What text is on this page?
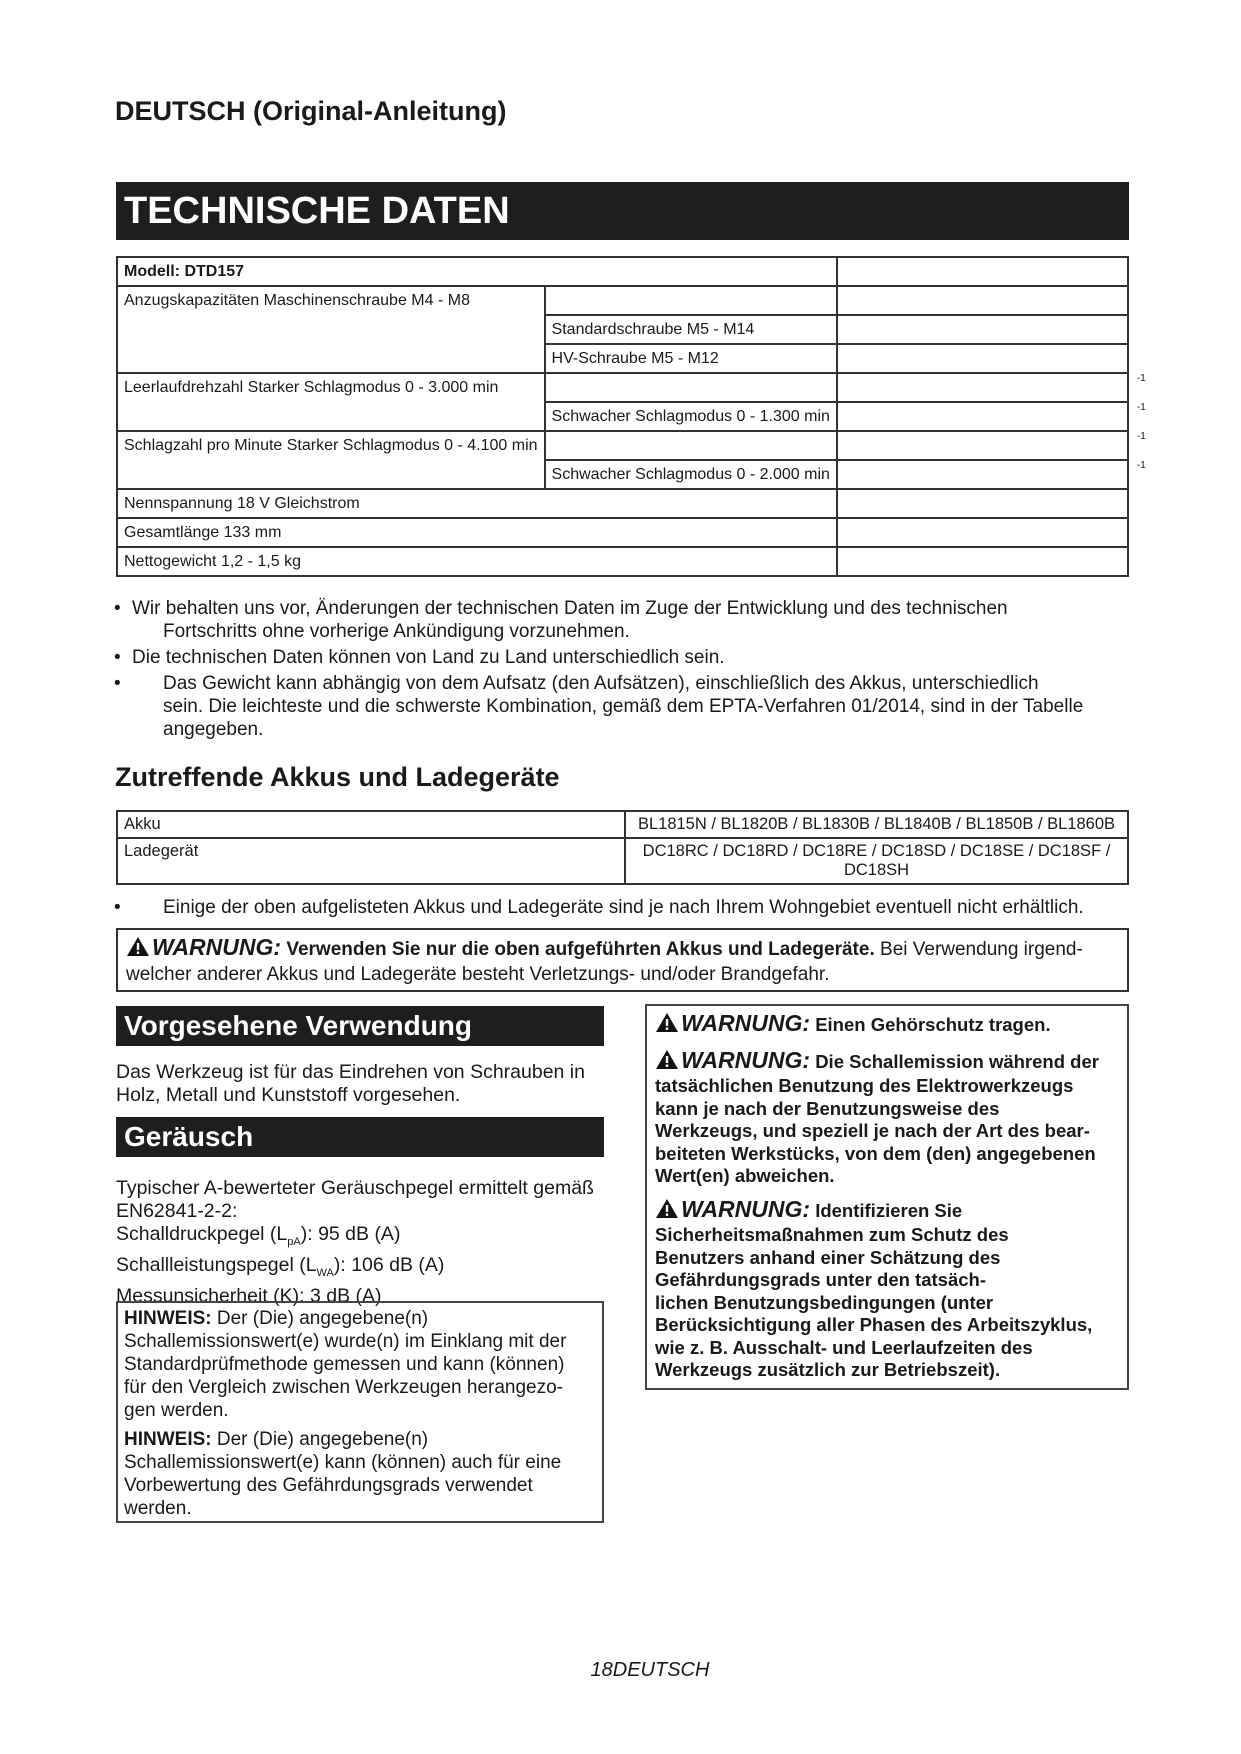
DEUTSCH (Original-Anleitung)
TECHNISCHE DATEN
Modell: DTD157		
Anzugskapazitäten Maschinenschraube M4 - M8		
	Standardschraube M5 - M14	
	HV-Schraube M5 - M12	
Leerlaufdrehzahl Starker Schlagmodus 0 - 3.000 min		-1

	Schwacher Schlagmodus 0 - 1.300 min	-1

Schlagzahl pro Minute Starker Schlagmodus 0 - 4.100 min		-1

	Schwacher Schlagmodus 0 - 2.000 min	-1

Nennspannung 18 V Gleichstrom		
Gesamtlänge 133 mm		
Nettogewicht 1,2 - 1,5 kg		
• Wir behalten uns vor, Änderungen der technischen Daten im Zuge der Entwicklung und des technischen
Fortschritts ohne vorherige Ankündigung vorzunehmen.
• Die technischen Daten können von Land zu Land unterschiedlich sein.
• Das Gewicht kann abhängig von dem Aufsatz (den Aufsätzen), einschließlich des Akkus, unterschiedlich
sein. Die leichteste und die schwerste Kombination, gemäß dem EPTA-Verfahren 01/2014, sind in der Tabelle
angegeben.
Zutreffende Akkus und Ladegeräte
Akku	BL1815N / BL1820B / BL1830B / BL1840B / BL1850B / BL1860B
Ladegerät	DC18RC / DC18RD / DC18RE / DC18SD / DC18SE / DC18SF /
DC18SH
• Einige der oben aufgelisteten Akkus und Ladegeräte sind je nach Ihrem Wohngebiet eventuell nicht erhältlich.
WARNUNG: Verwenden Sie nur die oben aufgeführten Akkus und Ladegeräte. Bei Verwendung irgend-
welcher anderer Akkus und Ladegeräte besteht Verletzungs- und/oder Brandgefahr.
Vorgesehene Verwendung
Das Werkzeug ist für das Eindrehen von Schrauben in
Holz, Metall und Kunststoff vorgesehen.
Geräusch
Typischer A-bewerteter Geräuschpegel ermittelt gemäß
EN62841-2-2:
Schalldruckpegel $(L_{pA})$: 95 dB (A)
Schallleistungspegel $(L_{WA})$: 106 dB (A)
Messunsicherheit (K): 3 dB (A)

HINWEIS: Der (Die) angegebene(n)
Schallemissionswert(e) wurde(n) im Einklang mit der
Standardprüfmethode gemessen und kann (können)
für den Vergleich zwischen Werkzeugen herangezo-
gen werden.

HINWEIS: Der (Die) angegebene(n)
Schallemissionswert(e) kann (können) auch für eine
Vorbewertung des Gefährdungsgrads verwendet
werden.

WARNUNG: Einen Gehörschutz tragen.

WARNUNG: Die Schallemission während der
tatsächlichen Benutzung des Elektrowerkzeugs
kann je nach der Benutzungsweise des
Werkzeugs, und speziell je nach der Art des bear-
beiteten Werkstücks, von dem (den) angegebenen
Wert(en) abweichen.

WARNUNG: Identifizieren Sie
Sicherheitsmaßnahmen zum Schutz des
Benutzers anhand einer Schätzung des
Gefährdungsgrads unter den tatsäch-
lichen Benutzungsbedingungen (unter
Berücksichtigung aller Phasen des Arbeitszyklus,
wie z. B. Ausschalt- und Leerlaufzeiten des
Werkzeugs zusätzlich zur Betriebszeit).

18DEUTSCH
